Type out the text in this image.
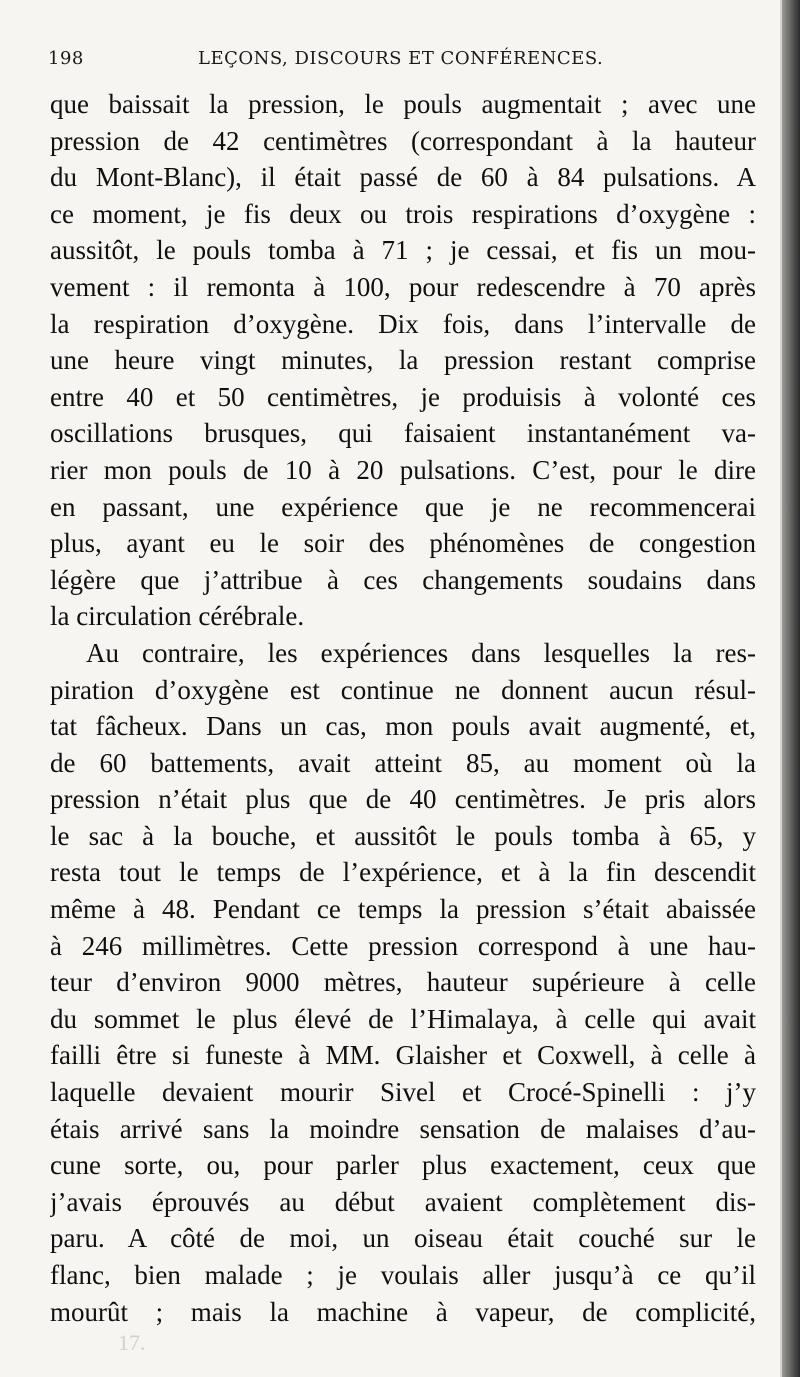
198	LEÇONS, DISCOURS ET CONFÉRENCES.
que baissait la pression, le pouls augmentait ; avec une
pression de 42 centimètres (correspondant à la hauteur
du Mont-Blanc), il était passé de 60 à 84 pulsations. A
ce moment, je fis deux ou trois respirations d’oxygène :
aussitôt, le pouls tomba à 71 ; je cessai, et fis un mou-
vement : il remonta à 100, pour redescendre à 70 après
la respiration d’oxygène. Dix fois, dans l’intervalle de
une heure vingt minutes, la pression restant comprise
entre 40 et 50 centimètres, je produisis à volonté ces
oscillations brusques, qui faisaient instantanément va-
rier mon pouls de 10 à 20 pulsations. C’est, pour le dire
en passant, une expérience que je ne recommencerai
plus, ayant eu le soir des phénomènes de congestion
légère que j’attribue à ces changements soudains dans
la circulation cérébrale.
Au contraire, les expériences dans lesquelles la res-
piration d’oxygène est continue ne donnent aucun résul-
tat fâcheux. Dans un cas, mon pouls avait augmenté, et,
de 60 battements, avait atteint 85, au moment où la
pression n’était plus que de 40 centimètres. Je pris alors
le sac à la bouche, et aussitôt le pouls tomba à 65, y
resta tout le temps de l’expérience, et à la fin descendit
même à 48. Pendant ce temps la pression s’était abaissée
à 246 millimètres. Cette pression correspond à une hau-
teur d’environ 9000 mètres, hauteur supérieure à celle
du sommet le plus élevé de l’Himalaya, à celle qui avait
failli être si funeste à MM. Glaisher et Coxwell, à celle à
laquelle devaient mourir Sivel et Crocé-Spinelli : j’y
étais arrivé sans la moindre sensation de malaises d’au-
cune sorte, ou, pour parler plus exactement, ceux que
j’avais éprouvés au début avaient complètement dis-
paru. A côté de moi, un oiseau était couché sur le
flanc, bien malade ; je voulais aller jusqu’à ce qu’il
mourût ; mais la machine à vapeur, de complicité,
17.
